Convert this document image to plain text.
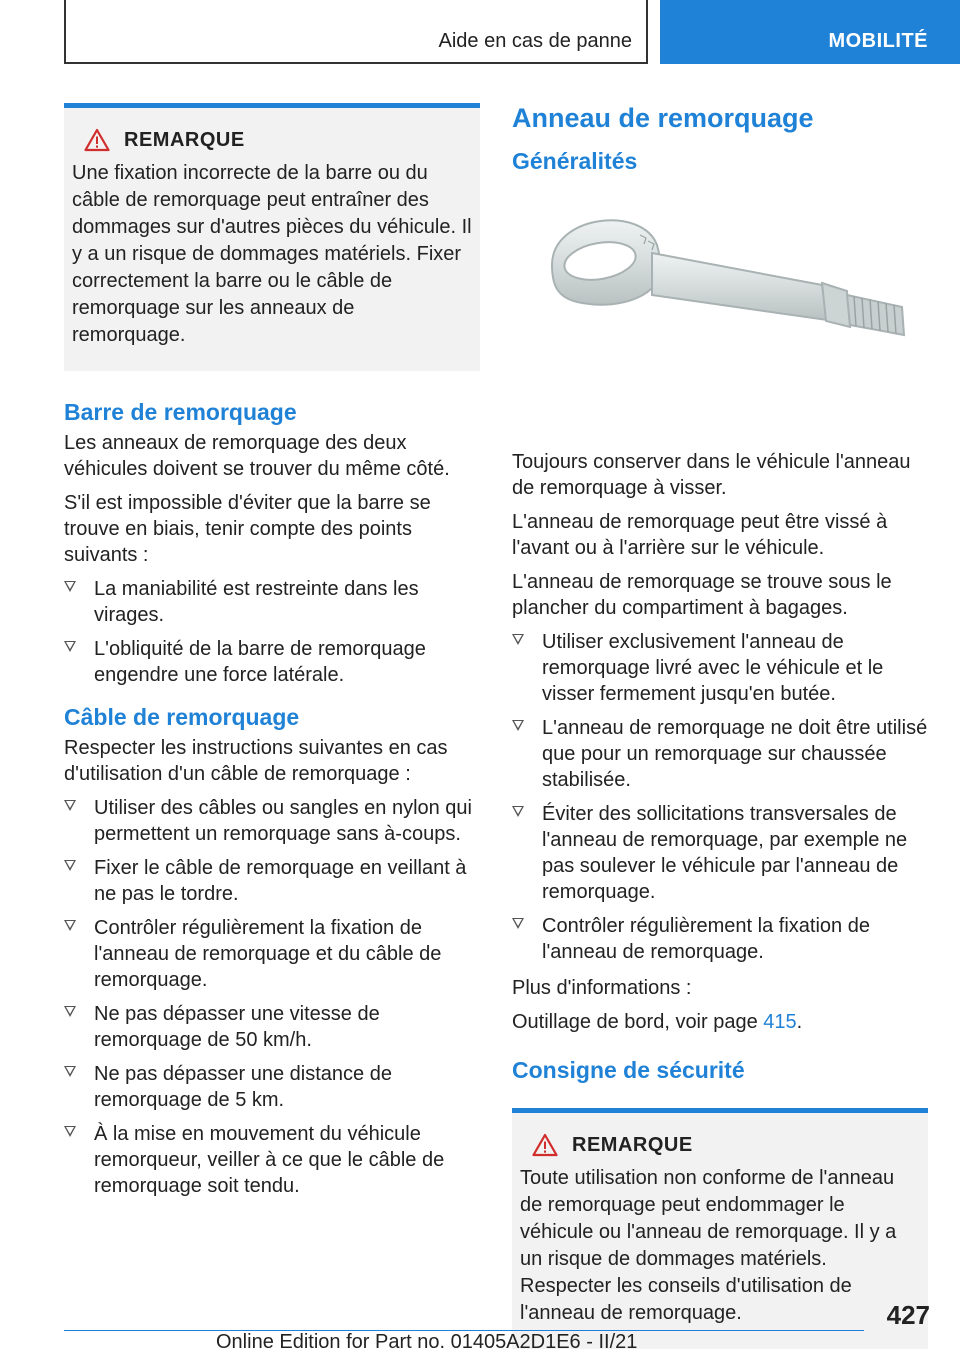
Aide en cas de panne	MOBILITÉ
REMARQUE

Une fixation incorrecte de la barre ou du câble de remorquage peut entraîner des dommages sur d'autres pièces du véhicule. Il y a un risque de dommages matériels. Fixer correctement la barre ou le câble de remorquage sur les anneaux de remorquage.

Barre de remorquage

Les anneaux de remorquage des deux véhicules doivent se trouver du même côté.

S'il est impossible d'éviter que la barre se trouve en biais, tenir compte des points suivants :

La maniabilité est restreinte dans les virages.
L'obliquité de la barre de remorquage engendre une force latérale.
Câble de remorquage

Respecter les instructions suivantes en cas d'utilisation d'un câble de remorquage :

Utiliser des câbles ou sangles en nylon qui permettent un remorquage sans à-coups.
Fixer le câble de remorquage en veillant à ne pas le tordre.
Contrôler régulièrement la fixation de l'anneau de remorquage et du câble de remorquage.
Ne pas dépasser une vitesse de remorquage de 50 km/h.
Ne pas dépasser une distance de remorquage de 5 km.
À la mise en mouvement du véhicule remorqueur, veiller à ce que le câble de remorquage soit tendu.
Anneau de remorquage
Généralités

Toujours conserver dans le véhicule l'anneau de remorquage à visser.

L'anneau de remorquage peut être vissé à l'avant ou à l'arrière sur le véhicule.

L'anneau de remorquage se trouve sous le plancher du compartiment à bagages.

Utiliser exclusivement l'anneau de remorquage livré avec le véhicule et le visser fermement jusqu'en butée.
L'anneau de remorquage ne doit être utilisé que pour un remorquage sur chaussée stabilisée.
Éviter des sollicitations transversales de l'anneau de remorquage, par exemple ne pas soulever le véhicule par l'anneau de remorquage.
Contrôler régulièrement la fixation de l'anneau de remorquage.

Plus d'informations :

Outillage de bord, voir page 415.

Consigne de sécurité
REMARQUE

Toute utilisation non conforme de l'anneau de remorquage peut endommager le véhicule ou l'anneau de remorquage. Il y a un risque de dommages matériels. Respecter les conseils d'utilisation de l'anneau de remorquage.	427
Online Edition for Part no. 01405A2D1E6 - II/21
